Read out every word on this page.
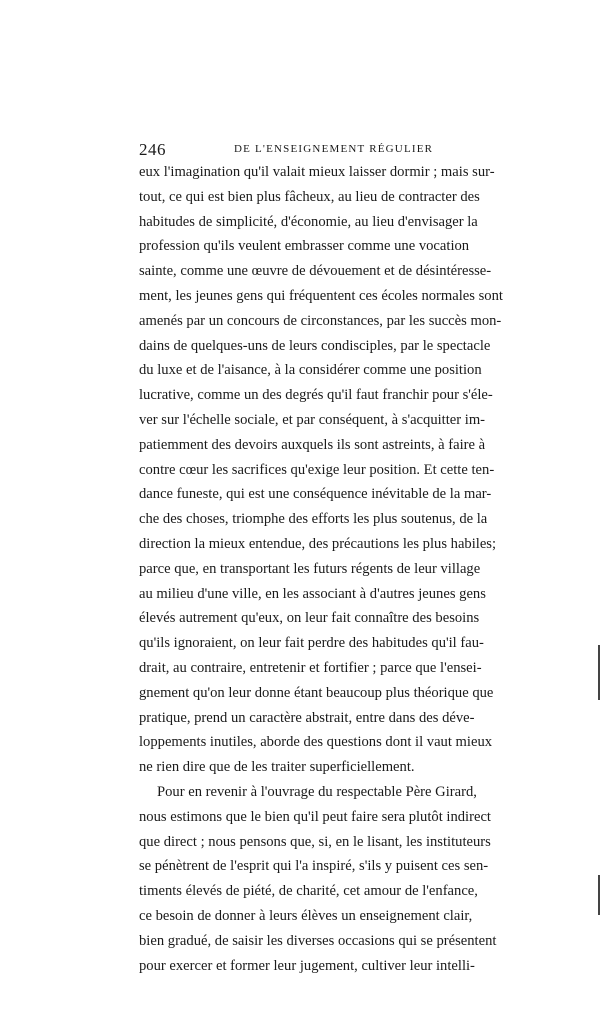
246	DE L'ENSEIGNEMENT RÉGULIER
eux l'imagination qu'il valait mieux laisser dormir ; mais sur-
tout, ce qui est bien plus fâcheux, au lieu de contracter des
habitudes de simplicité, d'économie, au lieu d'envisager la
profession qu'ils veulent embrasser comme une vocation
sainte, comme une œuvre de dévouement et de désintéresse-
ment, les jeunes gens qui fréquentent ces écoles normales sont
amenés par un concours de circonstances, par les succès mon-
dains de quelques-uns de leurs condisciples, par le spectacle
du luxe et de l'aisance, à la considérer comme une position
lucrative, comme un des degrés qu'il faut franchir pour s'éle-
ver sur l'échelle sociale, et par conséquent, à s'acquitter im-
patiemment des devoirs auxquels ils sont astreints, à faire à
contre cœur les sacrifices qu'exige leur position. Et cette ten-
dance funeste, qui est une conséquence inévitable de la mar-
che des choses, triomphe des efforts les plus soutenus, de la
direction la mieux entendue, des précautions les plus habiles;
parce que, en transportant les futurs régents de leur village
au milieu d'une ville, en les associant à d'autres jeunes gens
élevés autrement qu'eux, on leur fait connaître des besoins
qu'ils ignoraient, on leur fait perdre des habitudes qu'il fau-
drait, au contraire, entretenir et fortifier ; parce que l'ensei-
gnement qu'on leur donne étant beaucoup plus théorique que
pratique, prend un caractère abstrait, entre dans des déve-
loppements inutiles, aborde des questions dont il vaut mieux
ne rien dire que de les traiter superficiellement.
Pour en revenir à l'ouvrage du respectable Père Girard,
nous estimons que le bien qu'il peut faire sera plutôt indirect
que direct ; nous pensons que, si, en le lisant, les instituteurs
se pénètrent de l'esprit qui l'a inspiré, s'ils y puisent ces sen-
timents élevés de piété, de charité, cet amour de l'enfance,
ce besoin de donner à leurs élèves un enseignement clair,
bien gradué, de saisir les diverses occasions qui se présentent
pour exercer et former leur jugement, cultiver leur intelli-
